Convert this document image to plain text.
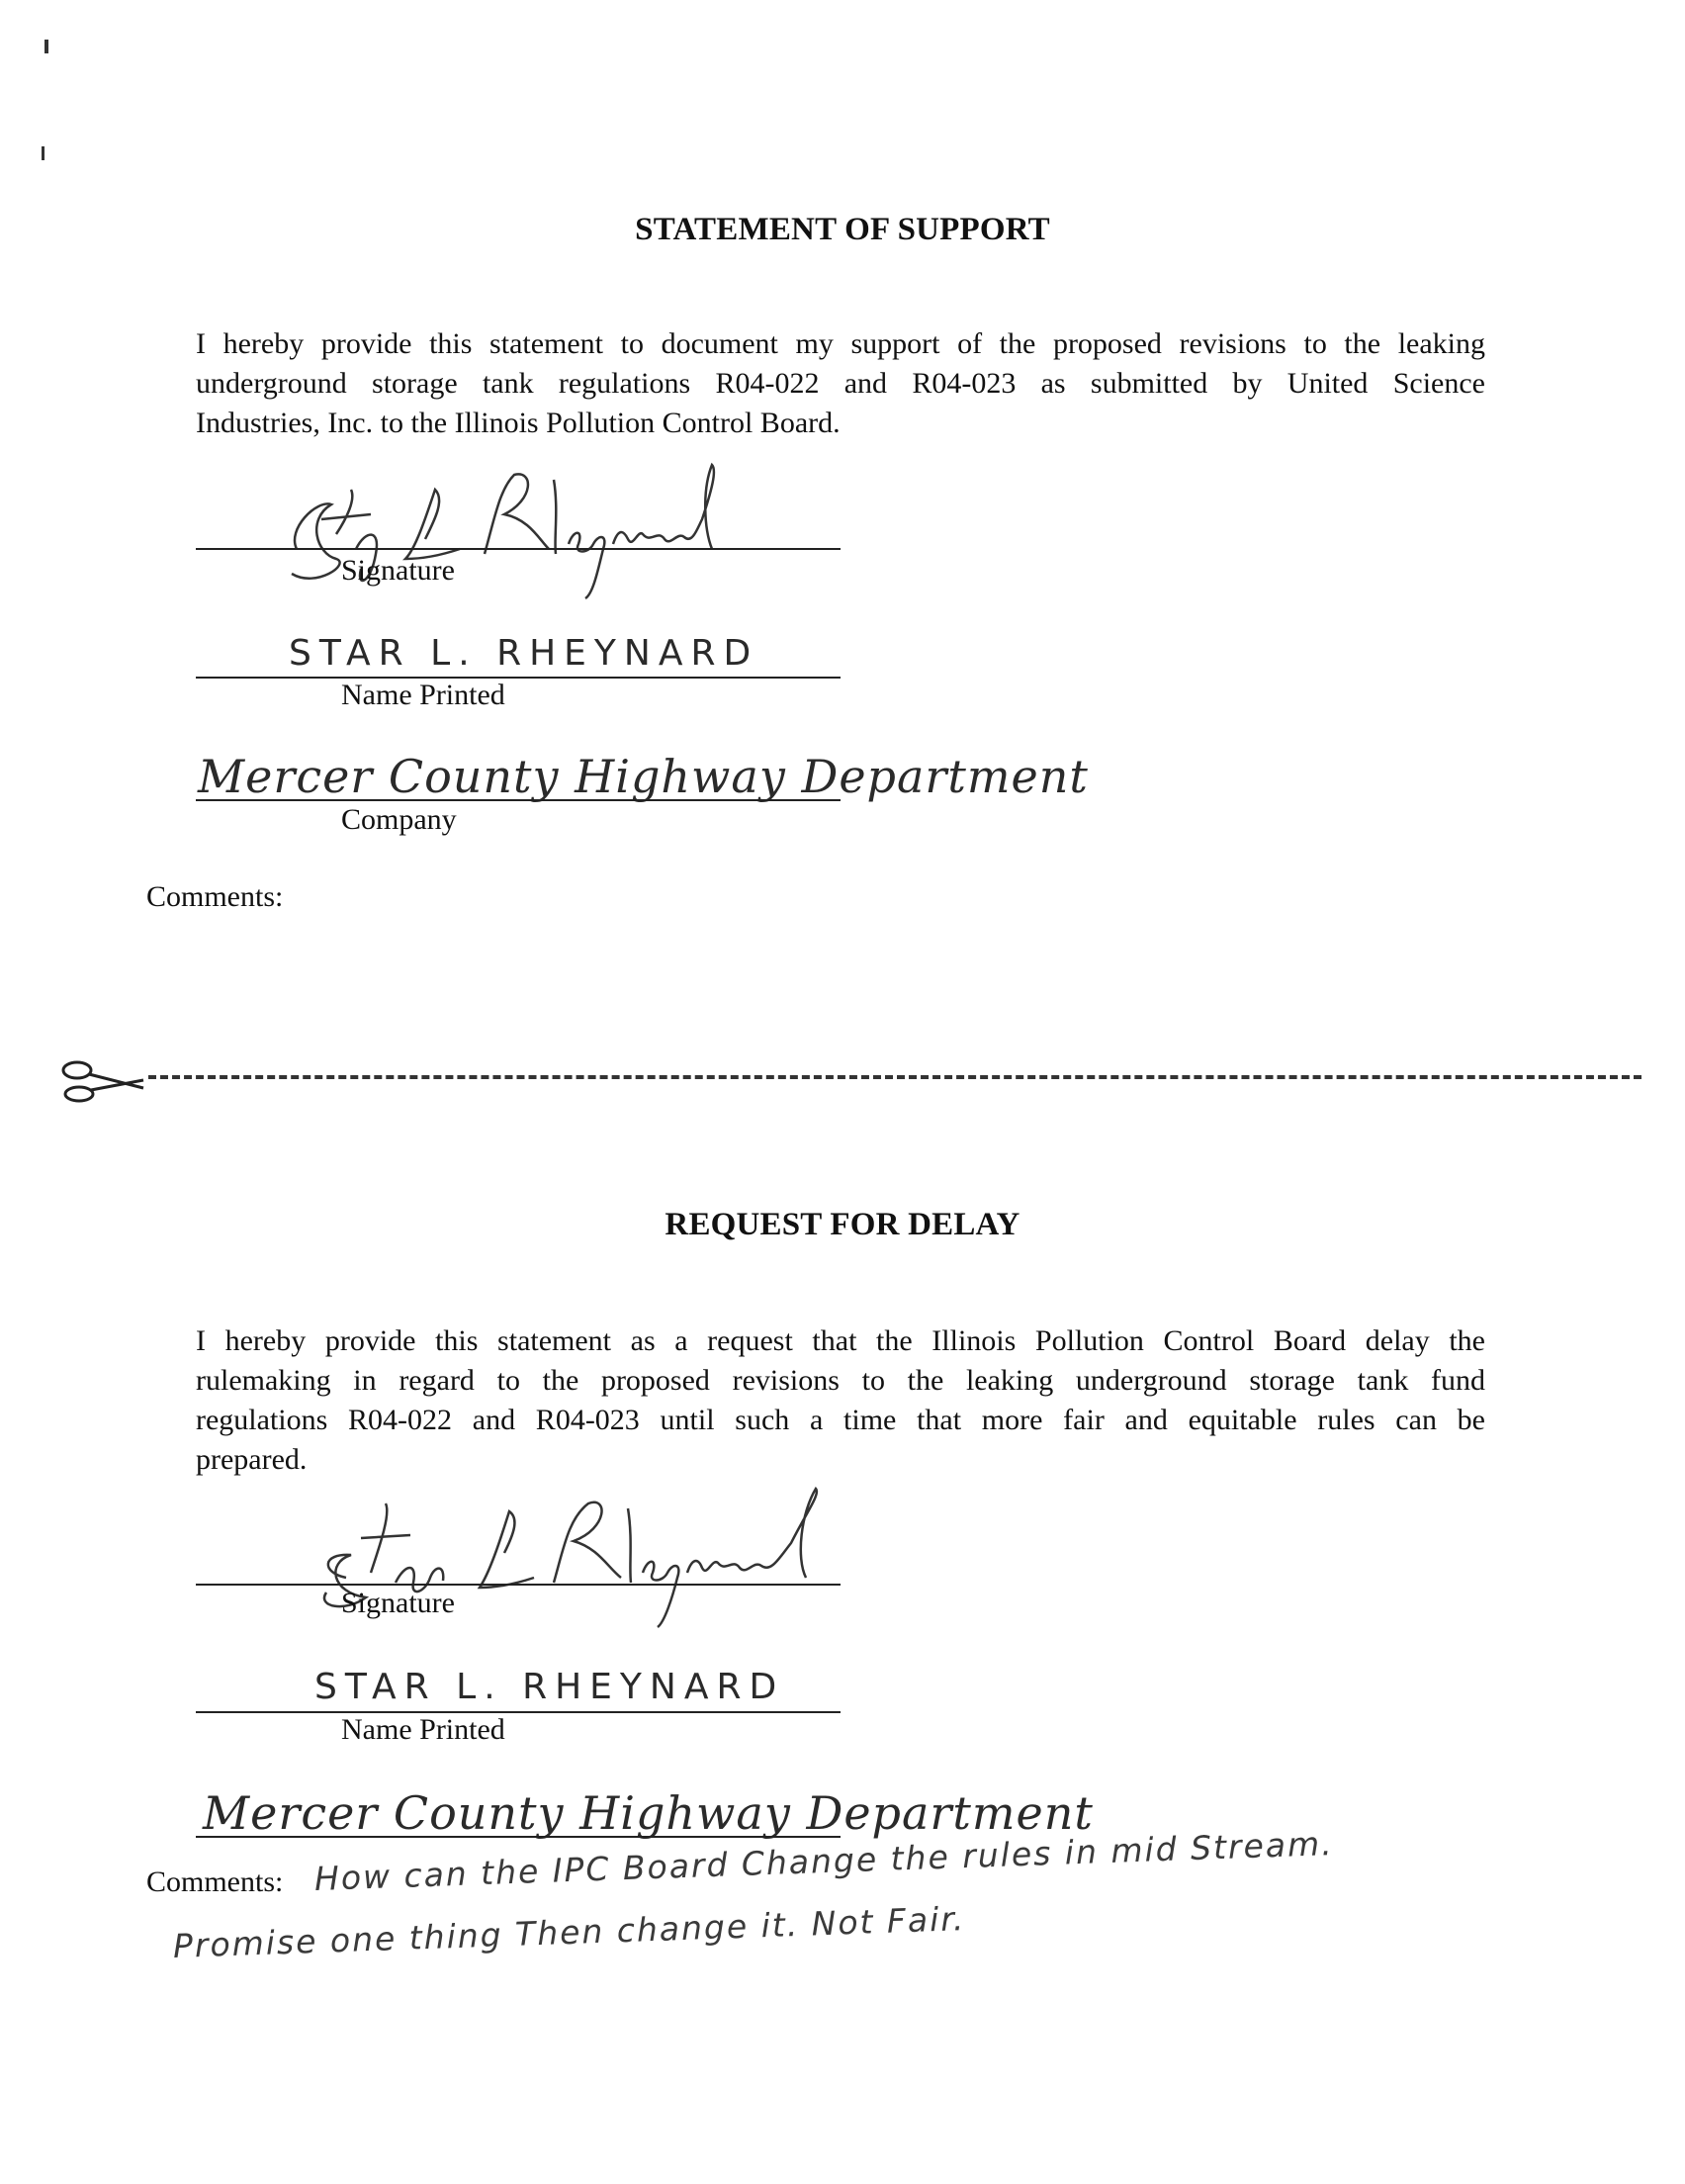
STATEMENT OF SUPPORT
I hereby provide this statement to document my support of the proposed revisions to the leaking
underground storage tank regulations R04-022 and R04-023 as submitted by United Science
Industries, Inc. to the Illinois Pollution Control Board.
Signature
STAR L. RHEYNARD
Name Printed
Mercer County Highway Department
Company
Comments:
REQUEST FOR DELAY
I hereby provide this statement as a request that the Illinois Pollution Control Board delay the
rulemaking in regard to the proposed revisions to the leaking underground storage tank fund
regulations R04-022 and R04-023 until such a time that more fair and equitable rules can be
prepared.
Signature
STAR L. RHEYNARD
Name Printed
Mercer County Highway Department
Comments: How can the IPC Board Change the rules in mid Stream.
Promise one thing Then change it. Not Fair.
